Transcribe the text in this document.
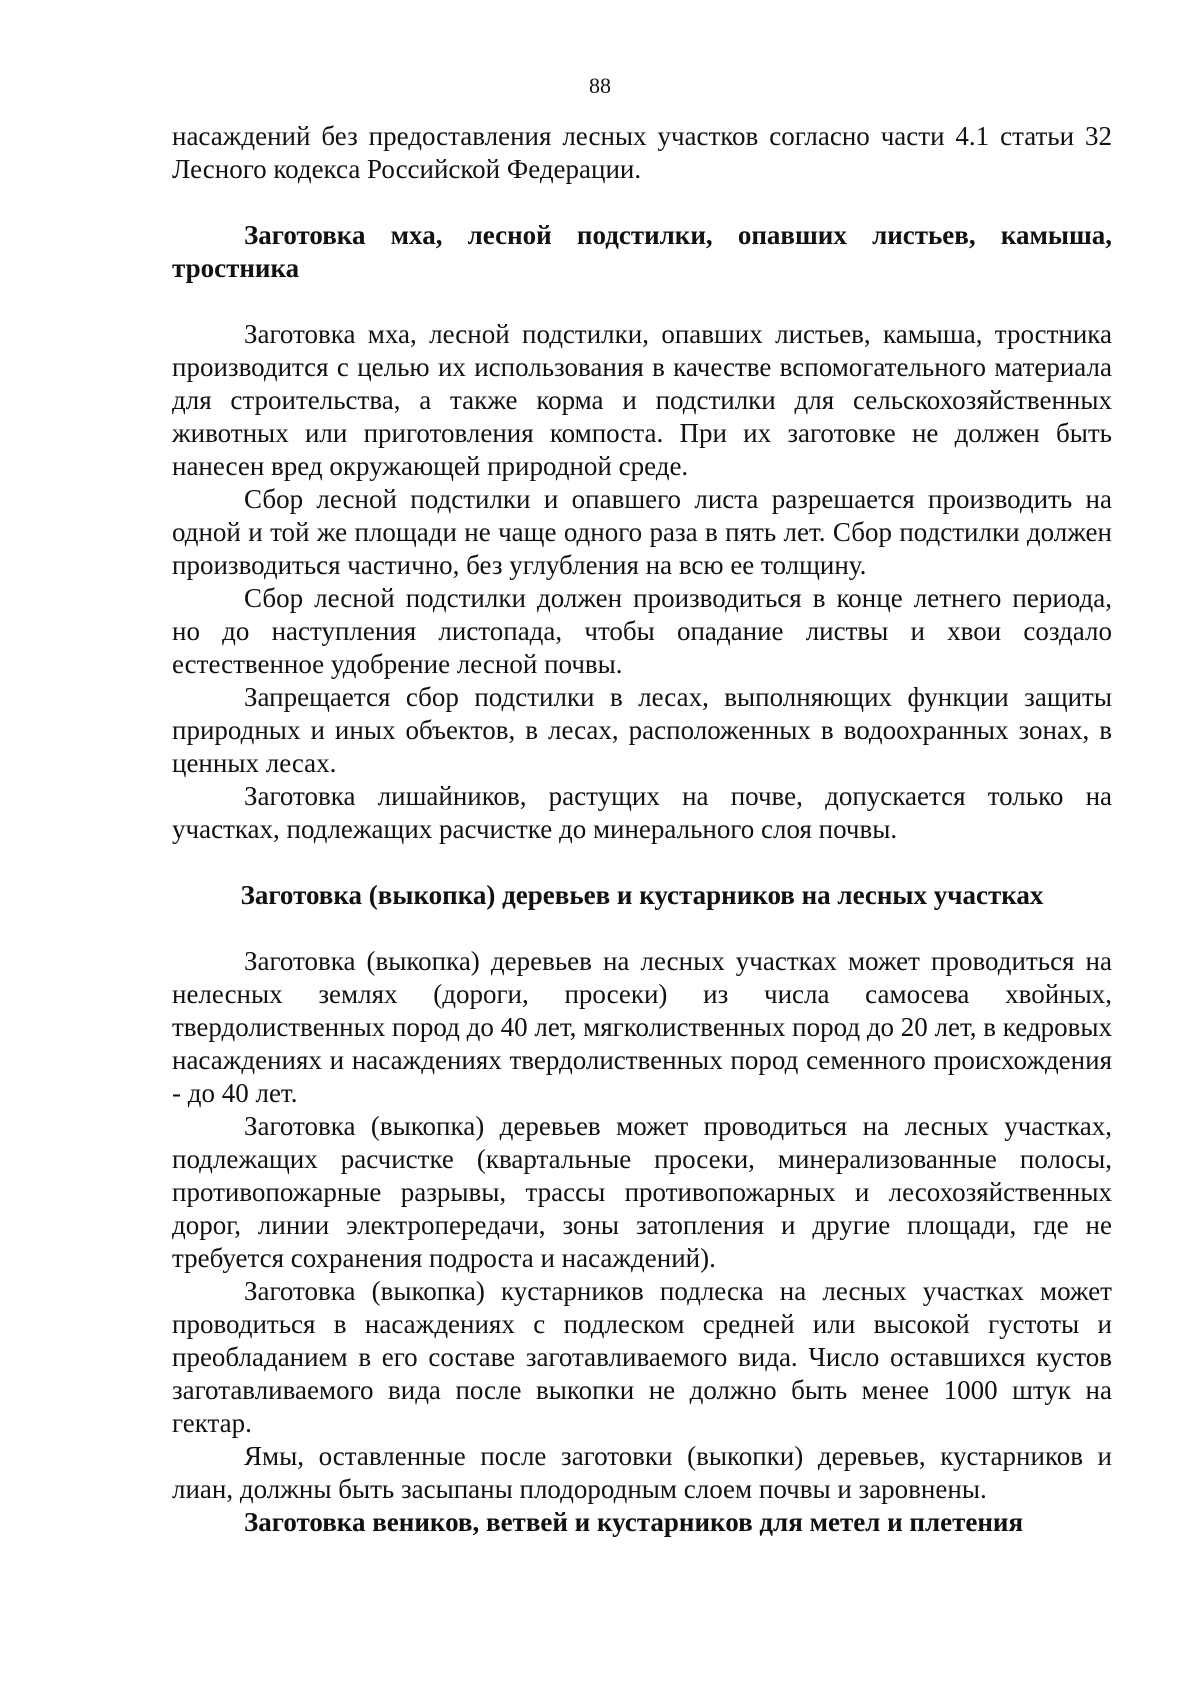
88

насаждений без предоставления лесных участков согласно части 4.1 статьи 32 Лесного кодекса Российской Федерации.

Заготовка мха, лесной подстилки, опавших листьев, камыша, тростника

Заготовка мха, лесной подстилки, опавших листьев, камыша, тростника производится с целью их использования в качестве вспомогательного материала для строительства, а также корма и подстилки для сельскохозяйственных животных или приготовления компоста. При их заготовке не должен быть нанесен вред окружающей природной среде.

Сбор лесной подстилки и опавшего листа разрешается производить на одной и той же площади не чаще одного раза в пять лет. Сбор подстилки должен производиться частично, без углубления на всю ее толщину.

Сбор лесной подстилки должен производиться в конце летнего периода, но до наступления листопада, чтобы опадание листвы и хвои создало естественное удобрение лесной почвы.

Запрещается сбор подстилки в лесах, выполняющих функции защиты природных и иных объектов, в лесах, расположенных в водоохранных зонах, в ценных лесах.

Заготовка лишайников, растущих на почве, допускается только на участках, подлежащих расчистке до минерального слоя почвы.

Заготовка (выкопка) деревьев и кустарников на лесных участках

Заготовка (выкопка) деревьев на лесных участках может проводиться на нелесных землях (дороги, просеки) из числа самосева хвойных, твердолиственных пород до 40 лет, мягколиственных пород до 20 лет, в кедровых насаждениях и насаждениях твердолиственных пород семенного происхождения - до 40 лет.

Заготовка (выкопка) деревьев может проводиться на лесных участках, подлежащих расчистке (квартальные просеки, минерализованные полосы, противопожарные разрывы, трассы противопожарных и лесохозяйственных дорог, линии электропередачи, зоны затопления и другие площади, где не требуется сохранения подроста и насаждений).

Заготовка (выкопка) кустарников подлеска на лесных участках может проводиться в насаждениях с подлеском средней или высокой густоты и преобладанием в его составе заготавливаемого вида. Число оставшихся кустов заготавливаемого вида после выкопки не должно быть менее 1000 штук на гектар.

Ямы, оставленные после заготовки (выкопки) деревьев, кустарников и лиан, должны быть засыпаны плодородным слоем почвы и заровнены.

Заготовка веников, ветвей и кустарников для метел и плетения
